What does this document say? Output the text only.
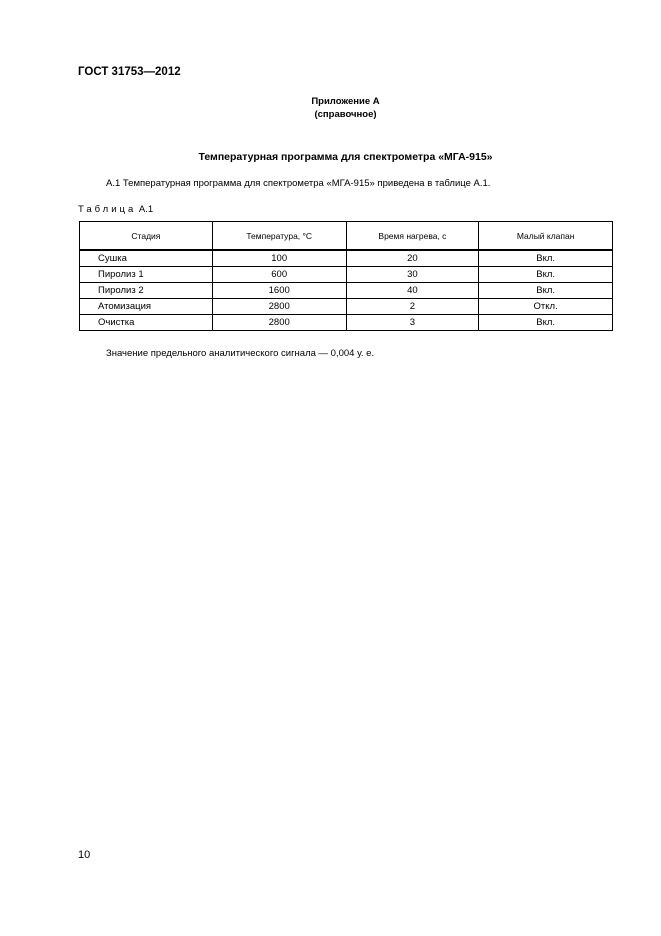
ГОСТ 31753—2012
Приложение А
(справочное)
Температурная программа для спектрометра «МГА-915»
А.1 Температурная программа для спектрометра «МГА-915» приведена в таблице А.1.
Таблица А.1
Стадия	Температура, °С	Время нагрева, с	Малый клапан
Сушка	100	20	Вкл.
Пиролиз 1	600	30	Вкл.
Пиролиз 2	1600	40	Вкл.
Атомизация	2800	2	Откл.
Очистка	2800	3	Вкл.
Значение предельного аналитического сигнала — 0,004 у. е.
10
